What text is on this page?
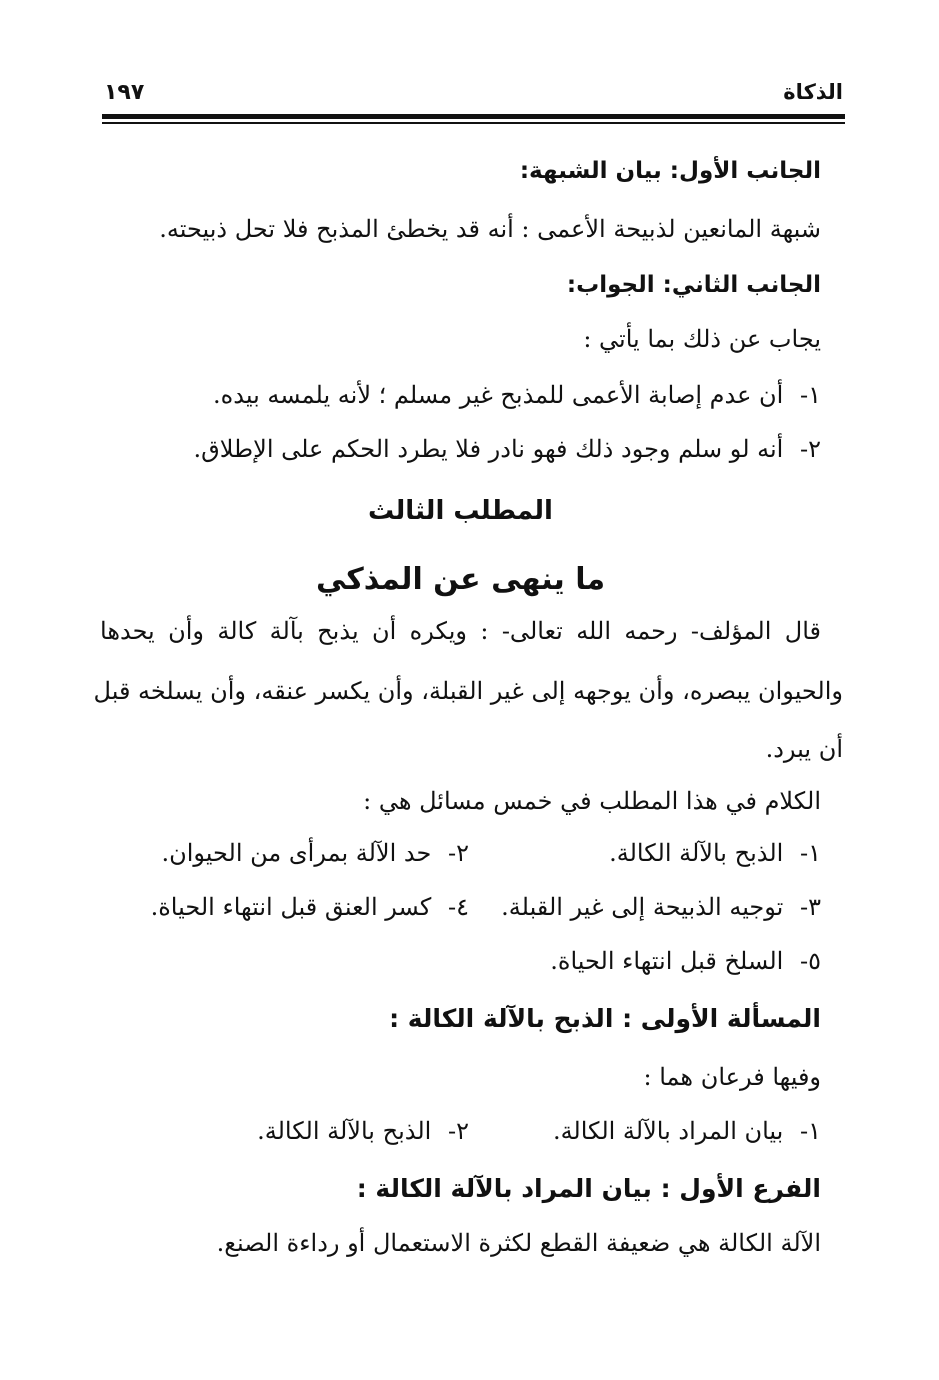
الذكاة
١٩٧
الجانب الأول: بيان الشبهة:
شبهة المانعين لذبيحة الأعمى : أنه قد يخطئ المذبح فلا تحل ذبيحته.
الجانب الثاني: الجواب:
يجاب عن ذلك بما يأتي :
١- أن عدم إصابة الأعمى للمذبح غير مسلم ؛ لأنه يلمسه بيده.
٢- أنه لو سلم وجود ذلك فهو نادر فلا يطرد الحكم على الإطلاق.
المطلب الثالث
ما ينهى عن المذكي
قال المؤلف- رحمه الله تعالى- : ويكره أن يذبح بآلة كالة وأن يحدها
والحيوان يبصره، وأن يوجهه إلى غير القبلة، وأن يكسر عنقه، وأن يسلخه قبل
أن يبرد.
الكلام في هذا المطلب في خمس مسائل هي :
١- الذبح بالآلة الكالة.
٢- حد الآلة بمرأى من الحيوان.
٣- توجيه الذبيحة إلى غير القبلة.
٤- كسر العنق قبل انتهاء الحياة.
٥- السلخ قبل انتهاء الحياة.
المسألة الأولى : الذبح بالآلة الكالة :
وفيها فرعان هما :
١- بيان المراد بالآلة الكالة.
٢- الذبح بالآلة الكالة.
الفرع الأول : بيان المراد بالآلة الكالة :
الآلة الكالة هي ضعيفة القطع لكثرة الاستعمال أو رداءة الصنع.
